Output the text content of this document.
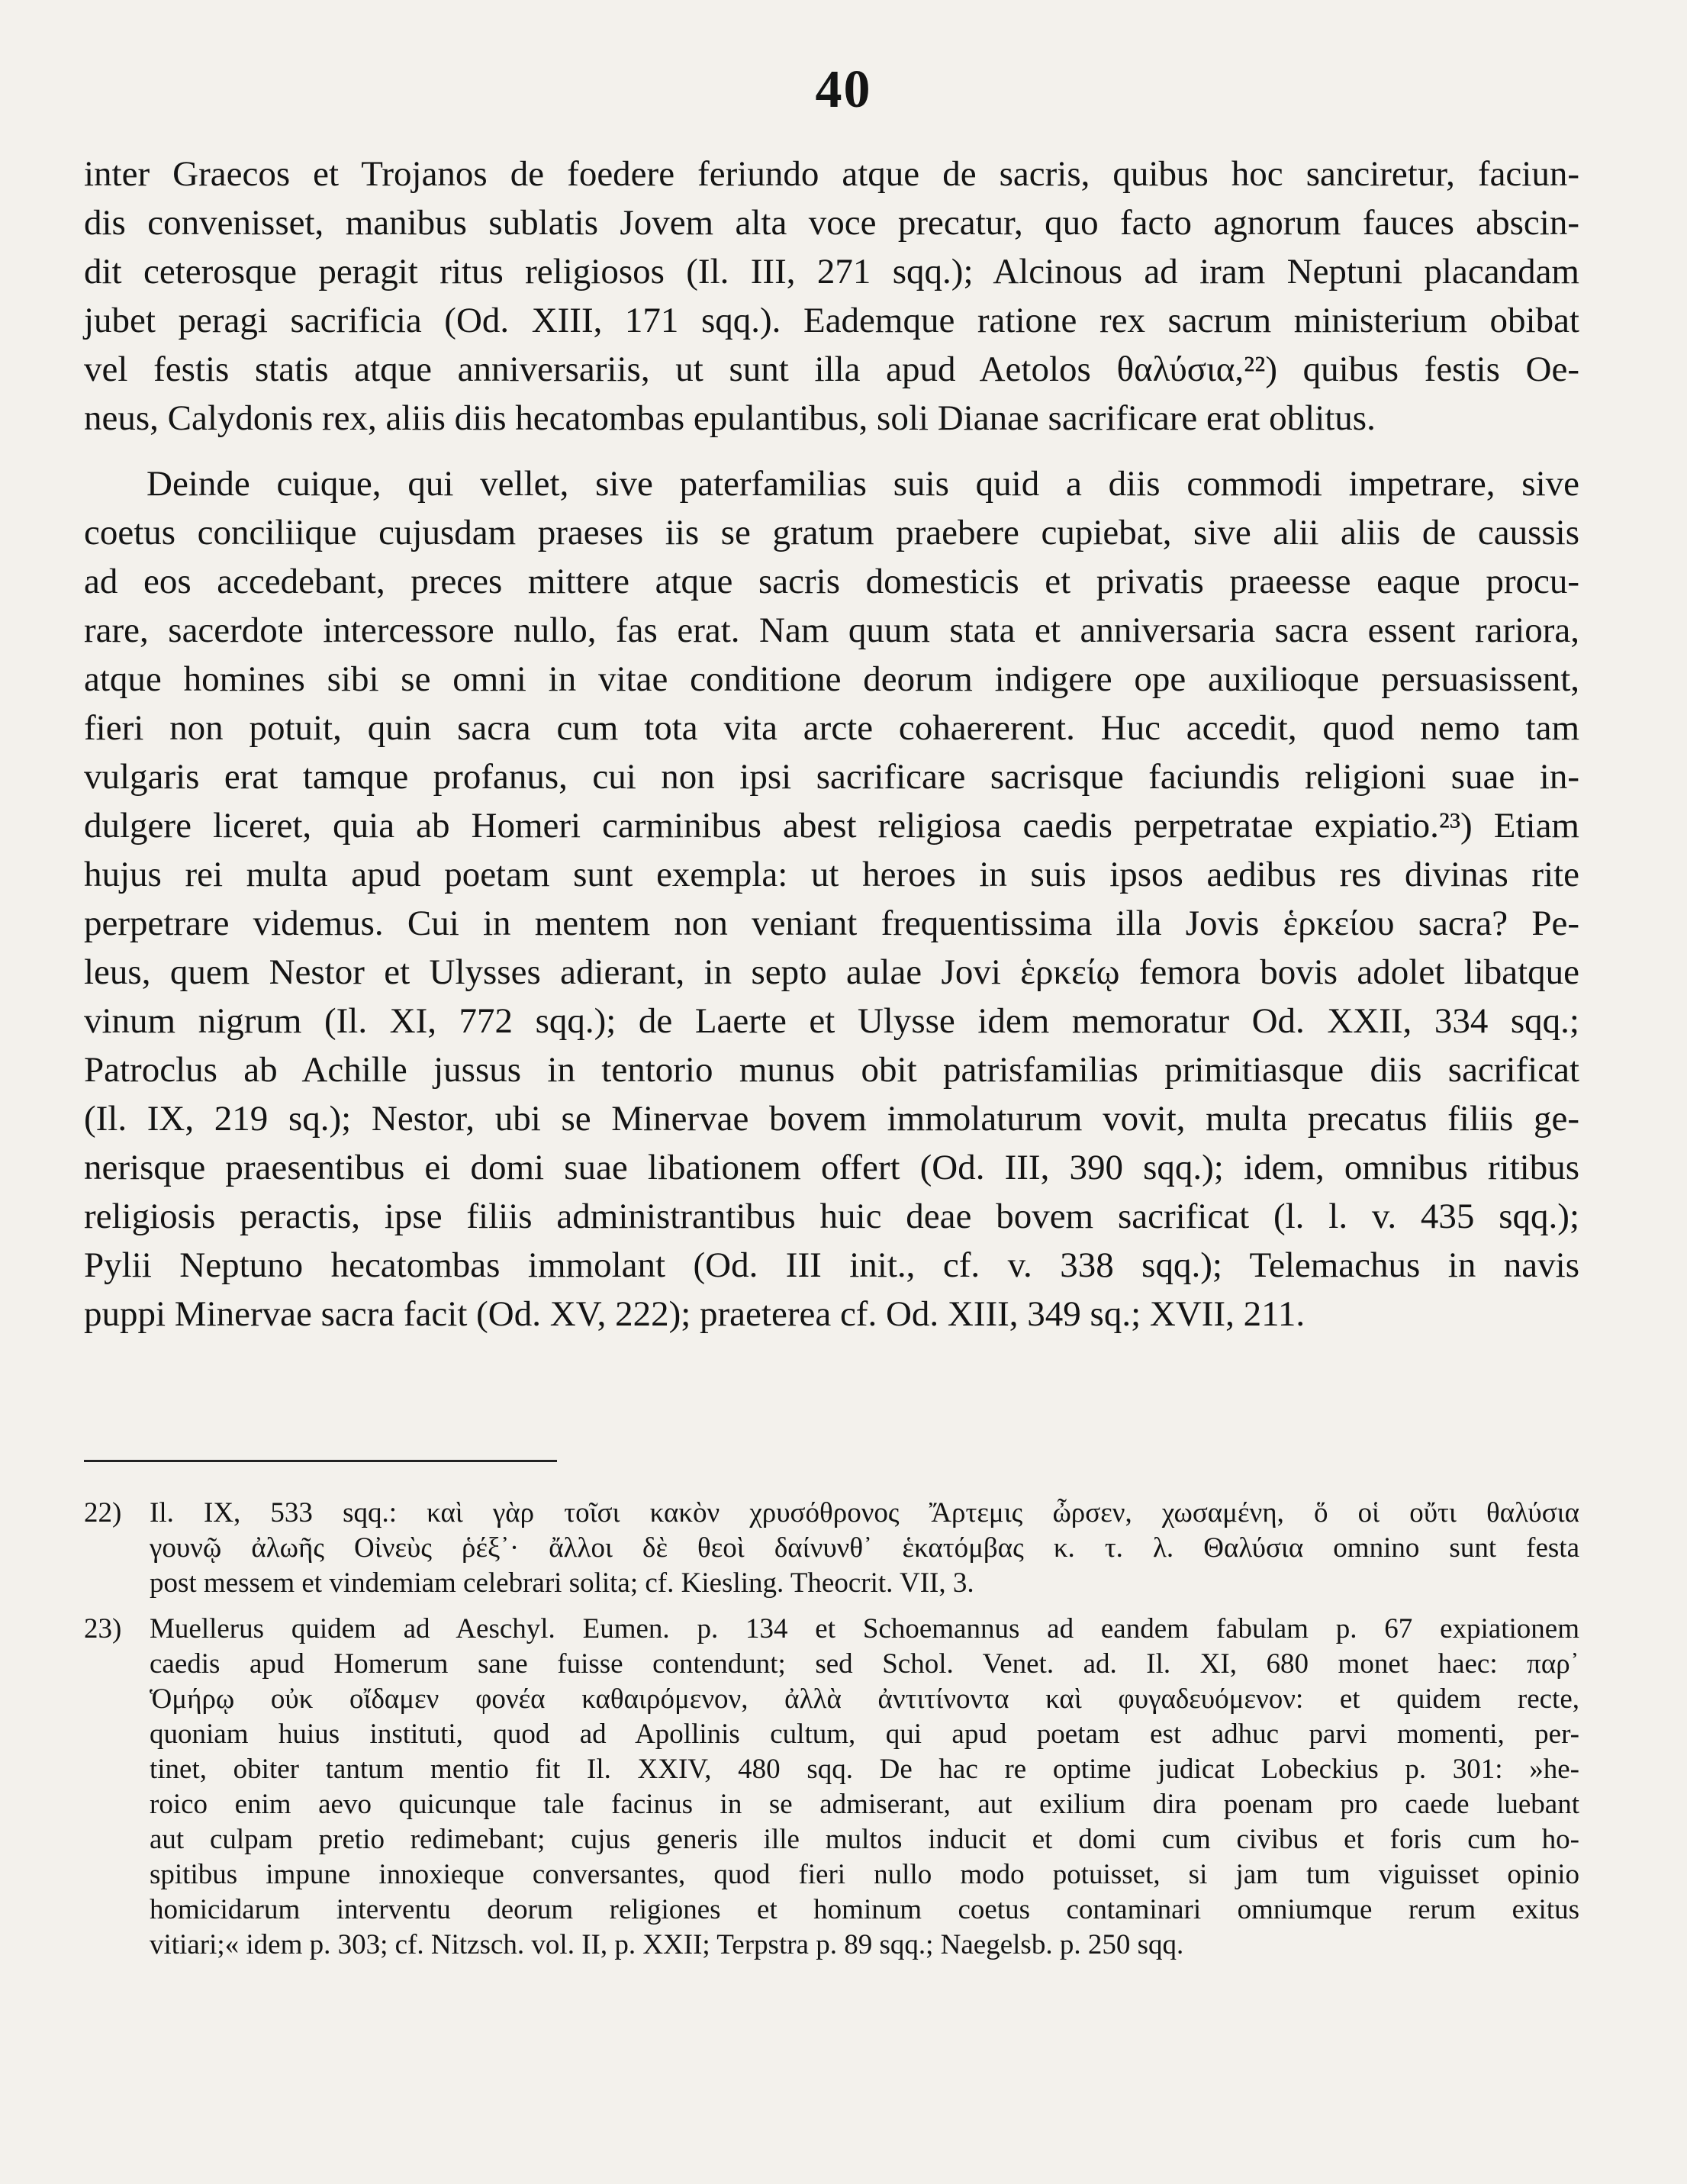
40
inter Graecos et Trojanos de foedere feriundo atque de sacris, quibus hoc sanciretur, faciun-
dis convenisset, manibus sublatis Jovem alta voce precatur, quo facto agnorum fauces abscin-
dit ceterosque peragit ritus religiosos (Il. III, 271 sqq.); Alcinous ad iram Neptuni placandam
jubet peragi sacrificia (Od. XIII, 171 sqq.). Eademque ratione rex sacrum ministerium obibat
vel festis statis atque anniversariis, ut sunt illa apud Aetolos θαλύσια,²²) quibus festis Oe-
neus, Calydonis rex, aliis diis hecatombas epulantibus, soli Dianae sacrificare erat oblitus.
Deinde cuique, qui vellet, sive paterfamilias suis quid a diis commodi impetrare, sive
coetus conciliique cujusdam praeses iis se gratum praebere cupiebat, sive alii aliis de caussis
ad eos accedebant, preces mittere atque sacris domesticis et privatis praeesse eaque procu-
rare, sacerdote intercessore nullo, fas erat. Nam quum stata et anniversaria sacra essent rariora,
atque homines sibi se omni in vitae conditione deorum indigere ope auxilioque persuasissent,
fieri non potuit, quin sacra cum tota vita arcte cohaererent. Huc accedit, quod nemo tam
vulgaris erat tamque profanus, cui non ipsi sacrificare sacrisque faciundis religioni suae in-
dulgere liceret, quia ab Homeri carminibus abest religiosa caedis perpetratae expiatio.²³) Etiam
hujus rei multa apud poetam sunt exempla: ut heroes in suis ipsos aedibus res divinas rite
perpetrare videmus. Cui in mentem non veniant frequentissima illa Jovis ἑρκείου sacra? Pe-
leus, quem Nestor et Ulysses adierant, in septo aulae Jovi ἑρκείῳ femora bovis adolet libatque
vinum nigrum (Il. XI, 772 sqq.); de Laerte et Ulysse idem memoratur Od. XXII, 334 sqq.;
Patroclus ab Achille jussus in tentorio munus obit patrisfamilias primitiasque diis sacrificat
(Il. IX, 219 sq.); Nestor, ubi se Minervae bovem immolaturum vovit, multa precatus filiis ge-
nerisque praesentibus ei domi suae libationem offert (Od. III, 390 sqq.); idem, omnibus ritibus
religiosis peractis, ipse filiis administrantibus huic deae bovem sacrificat (l. l. v. 435 sqq.);
Pylii Neptuno hecatombas immolant (Od. III init., cf. v. 338 sqq.); Telemachus in navis
puppi Minervae sacra facit (Od. XV, 222); praeterea cf. Od. XIII, 349 sq.; XVII, 211.
22) Il. IX, 533 sqq.: καὶ γὰρ τοῖσι κακὸν χρυσόθρονος Ἄρτεμις ὦρσεν, χωσαμένη, ὅ οἱ οὔτι θαλύσια
γουνῷ ἀλωῆς Οἰνεὺς ῥέξ᾽· ἄλλοι δὲ θεοὶ δαίνυνθ᾽ ἑκατόμβας κ. τ. λ. Θαλύσια omnino sunt festa
post messem et vindemiam celebrari solita; cf. Kiesling. Theocrit. VII, 3.
23) Muellerus quidem ad Aeschyl. Eumen. p. 134 et Schoemannus ad eandem fabulam p. 67 expiationem
caedis apud Homerum sane fuisse contendunt; sed Schol. Venet. ad. Il. XI, 680 monet haec: παρ᾽
Ὁμήρῳ οὐκ οἴδαμεν φονέα καθαιρόμενον, ἀλλὰ ἀντιτίνοντα καὶ φυγαδευόμενον: et quidem recte,
quoniam huius instituti, quod ad Apollinis cultum, qui apud poetam est adhuc parvi momenti, per-
tinet, obiter tantum mentio fit Il. XXIV, 480 sqq. De hac re optime judicat Lobeckius p. 301: »he-
roico enim aevo quicunque tale facinus in se admiserant, aut exilium dira poenam pro caede luebant
aut culpam pretio redimebant; cujus generis ille multos inducit et domi cum civibus et foris cum ho-
spitibus impune innoxieque conversantes, quod fieri nullo modo potuisset, si jam tum viguisset opinio
homicidarum interventu deorum religiones et hominum coetus contaminari omniumque rerum exitus
vitiari;« idem p. 303; cf. Nitzsch. vol. II, p. XXII; Terpstra p. 89 sqq.; Naegelsb. p. 250 sqq.
